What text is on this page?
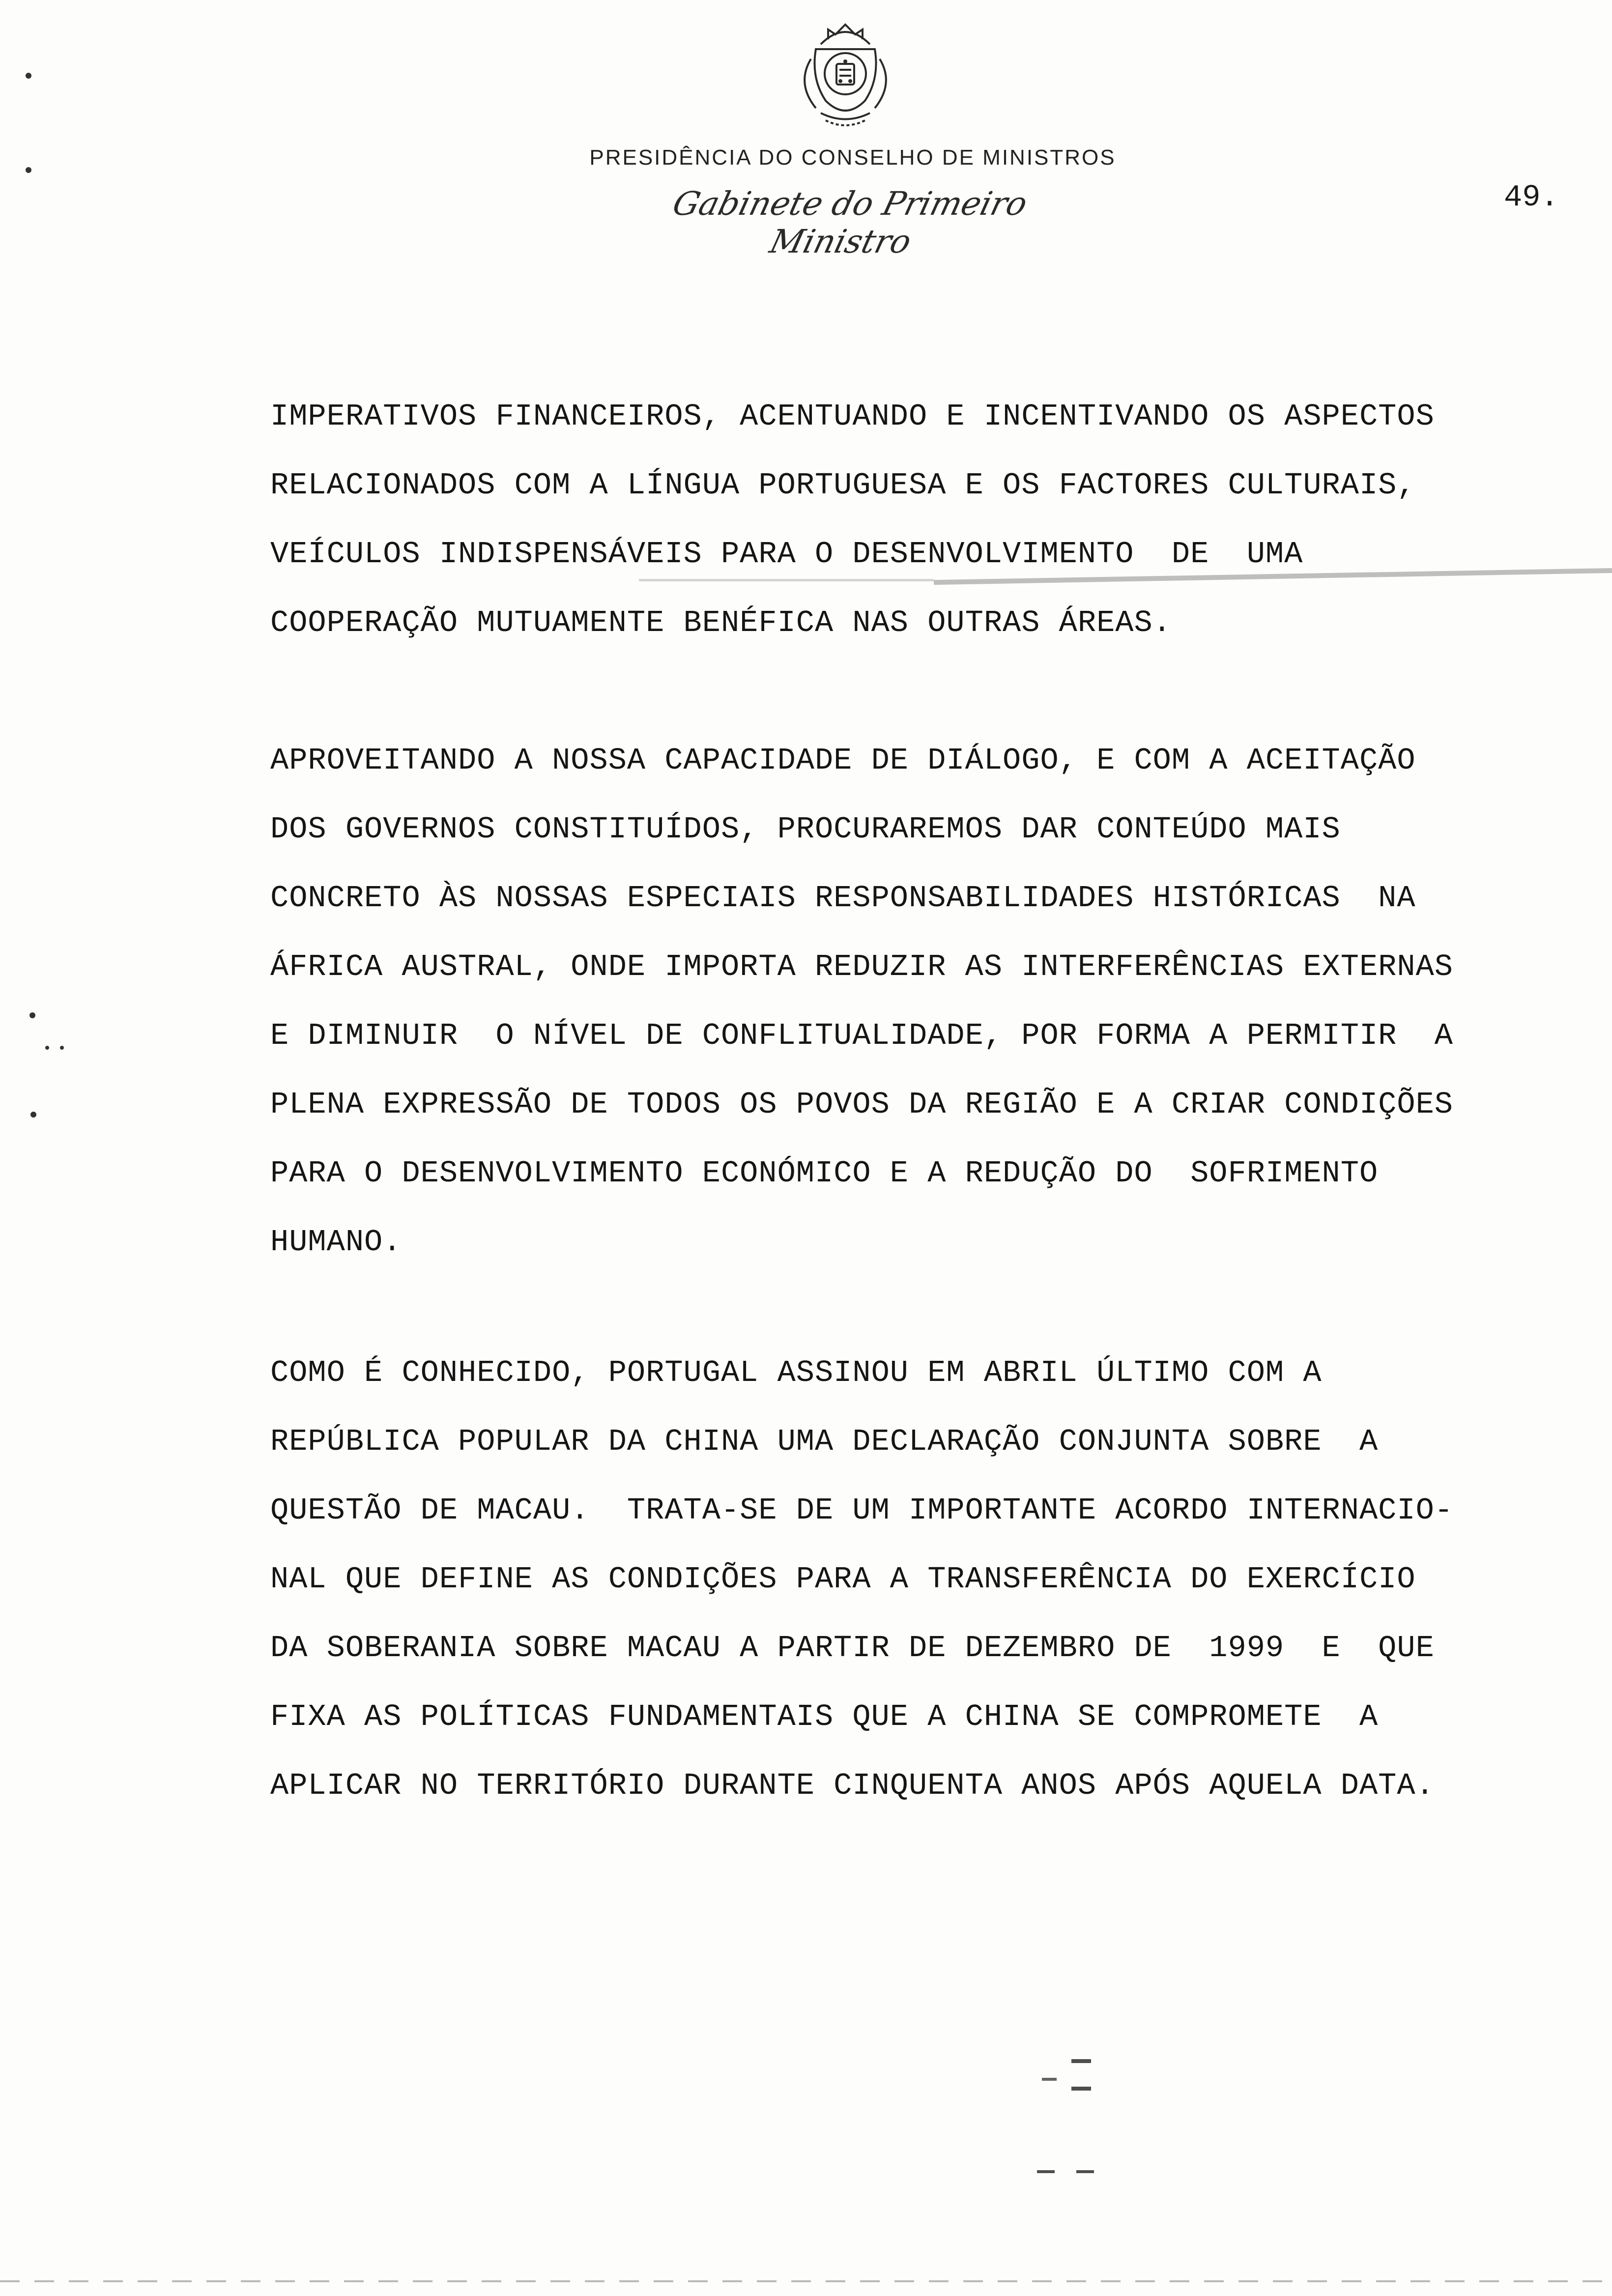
PRESIDÊNCIA DO CONSELHO DE MINISTROS
Gabinete do Primeiro Ministro
49.
IMPERATIVOS FINANCEIROS, ACENTUANDO E INCENTIVANDO OS ASPECTOS
RELACIONADOS COM A LÍNGUA PORTUGUESA E OS FACTORES CULTURAIS,
VEÍCULOS INDISPENSÁVEIS PARA O DESENVOLVIMENTO  DE  UMA
COOPERAÇÃO MUTUAMENTE BENÉFICA NAS OUTRAS ÁREAS.
APROVEITANDO A NOSSA CAPACIDADE DE DIÁLOGO, E COM A ACEITAÇÃO
DOS GOVERNOS CONSTITUÍDOS, PROCURAREMOS DAR CONTEÚDO MAIS
CONCRETO ÀS NOSSAS ESPECIAIS RESPONSABILIDADES HISTÓRICAS  NA
ÁFRICA AUSTRAL, ONDE IMPORTA REDUZIR AS INTERFERÊNCIAS EXTERNAS
E DIMINUIR  O NÍVEL DE CONFLITUALIDADE, POR FORMA A PERMITIR  A
PLENA EXPRESSÃO DE TODOS OS POVOS DA REGIÃO E A CRIAR CONDIÇÕES
PARA O DESENVOLVIMENTO ECONÓMICO E A REDUÇÃO DO  SOFRIMENTO
HUMANO.
COMO É CONHECIDO, PORTUGAL ASSINOU EM ABRIL ÚLTIMO COM A
REPÚBLICA POPULAR DA CHINA UMA DECLARAÇÃO CONJUNTA SOBRE  A
QUESTÃO DE MACAU.  TRATA-SE DE UM IMPORTANTE ACORDO INTERNACIO-
NAL QUE DEFINE AS CONDIÇÕES PARA A TRANSFERÊNCIA DO EXERCÍCIO
DA SOBERANIA SOBRE MACAU A PARTIR DE DEZEMBRO DE  1999  E  QUE
FIXA AS POLÍTICAS FUNDAMENTAIS QUE A CHINA SE COMPROMETE  A
APLICAR NO TERRITÓRIO DURANTE CINQUENTA ANOS APÓS AQUELA DATA.
